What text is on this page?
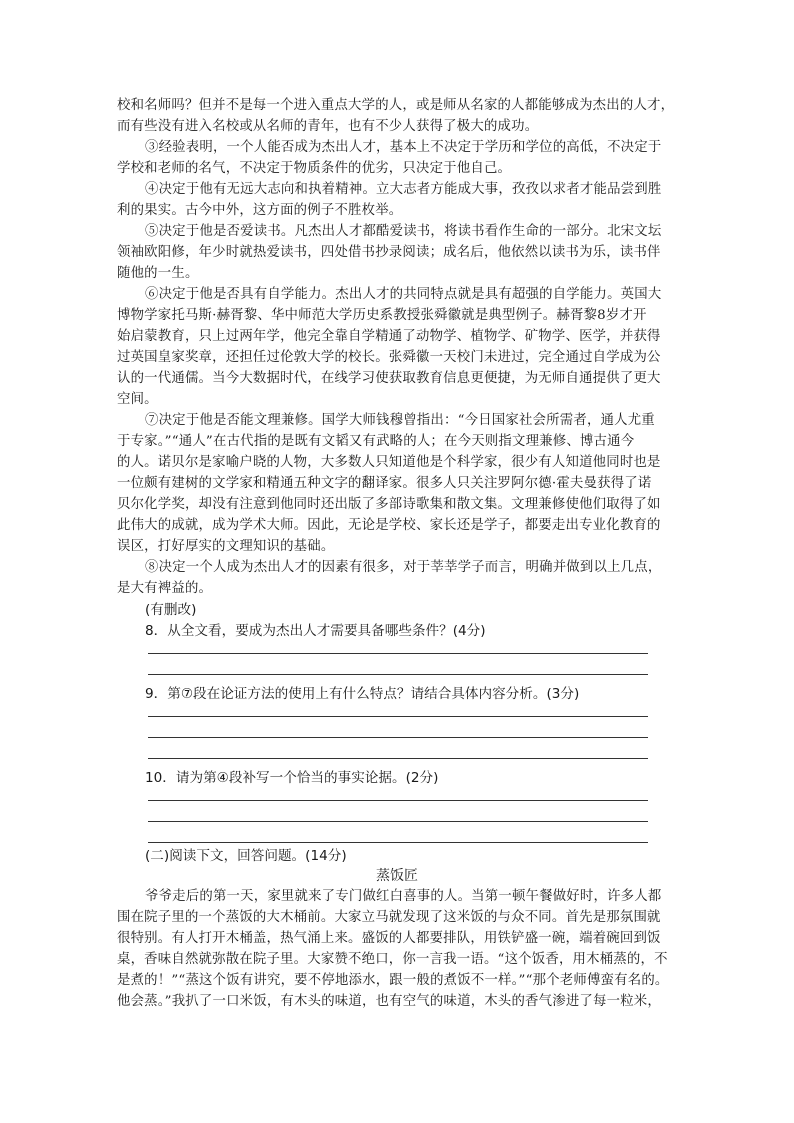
校和名师吗？但并不是每一个进入重点大学的人，或是师从名家的人都能够成为杰出的人才，
而有些没有进入名校或从名师的青年，也有不少人获得了极大的成功。
③经验表明，一个人能否成为杰出人才，基本上不决定于学历和学位的高低，不决定于
学校和老师的名气，不决定于物质条件的优劣，只决定于他自己。
④决定于他有无远大志向和执着精神。立大志者方能成大事，孜孜以求者才能品尝到胜
利的果实。古今中外，这方面的例子不胜枚举。
⑤决定于他是否爱读书。凡杰出人才都酷爱读书，将读书看作生命的一部分。北宋文坛
领袖欧阳修，年少时就热爱读书，四处借书抄录阅读；成名后，他依然以读书为乐，读书伴
随他的一生。
⑥决定于他是否具有自学能力。杰出人才的共同特点就是具有超强的自学能力。英国大
博物学家托马斯·赫胥黎、华中师范大学历史系教授张舜徽就是典型例子。赫胥黎8岁才开
始启蒙教育，只上过两年学，他完全靠自学精通了动物学、植物学、矿物学、医学，并获得
过英国皇家奖章，还担任过伦敦大学的校长。张舜徽一天校门未进过，完全通过自学成为公
认的一代通儒。当今大数据时代，在线学习使获取教育信息更便捷，为无师自通提供了更大
空间。
⑦决定于他是否能文理兼修。国学大师钱穆曾指出：“今日国家社会所需者，通人尤重
于专家。”“通人”在古代指的是既有文韬又有武略的人；在今天则指文理兼修、博古通今
的人。诺贝尔是家喻户晓的人物，大多数人只知道他是个科学家，很少有人知道他同时也是
一位颇有建树的文学家和精通五种文字的翻译家。很多人只关注罗阿尔德·霍夫曼获得了诺
贝尔化学奖，却没有注意到他同时还出版了多部诗歌集和散文集。文理兼修使他们取得了如
此伟大的成就，成为学术大师。因此，无论是学校、家长还是学子，都要走出专业化教育的
误区，打好厚实的文理知识的基础。
⑧决定一个人成为杰出人才的因素有很多，对于莘莘学子而言，明确并做到以上几点，
是大有裨益的。
(有删改)
8．从全文看，要成为杰出人才需要具备哪些条件？(4分)
9．第⑦段在论证方法的使用上有什么特点？请结合具体内容分析。(3分)
10．请为第④段补写一个恰当的事实论据。(2分)
(二)阅读下文，回答问题。(14分)
蒸饭匠
爷爷走后的第一天，家里就来了专门做红白喜事的人。当第一顿午餐做好时，许多人都
围在院子里的一个蒸饭的大木桶前。大家立马就发现了这米饭的与众不同。首先是那氛围就
很特别。有人打开木桶盖，热气涌上来。盛饭的人都要排队，用铁铲盛一碗，端着碗回到饭
桌，香味自然就弥散在院子里。大家赞不绝口，你一言我一语。“这个饭香，用木桶蒸的，不
是煮的！”“蒸这个饭有讲究，要不停地添水，跟一般的煮饭不一样。”“那个老师傅蛮有名的。
他会蒸。”我扒了一口米饭，有木头的味道，也有空气的味道，木头的香气渗进了每一粒米，
